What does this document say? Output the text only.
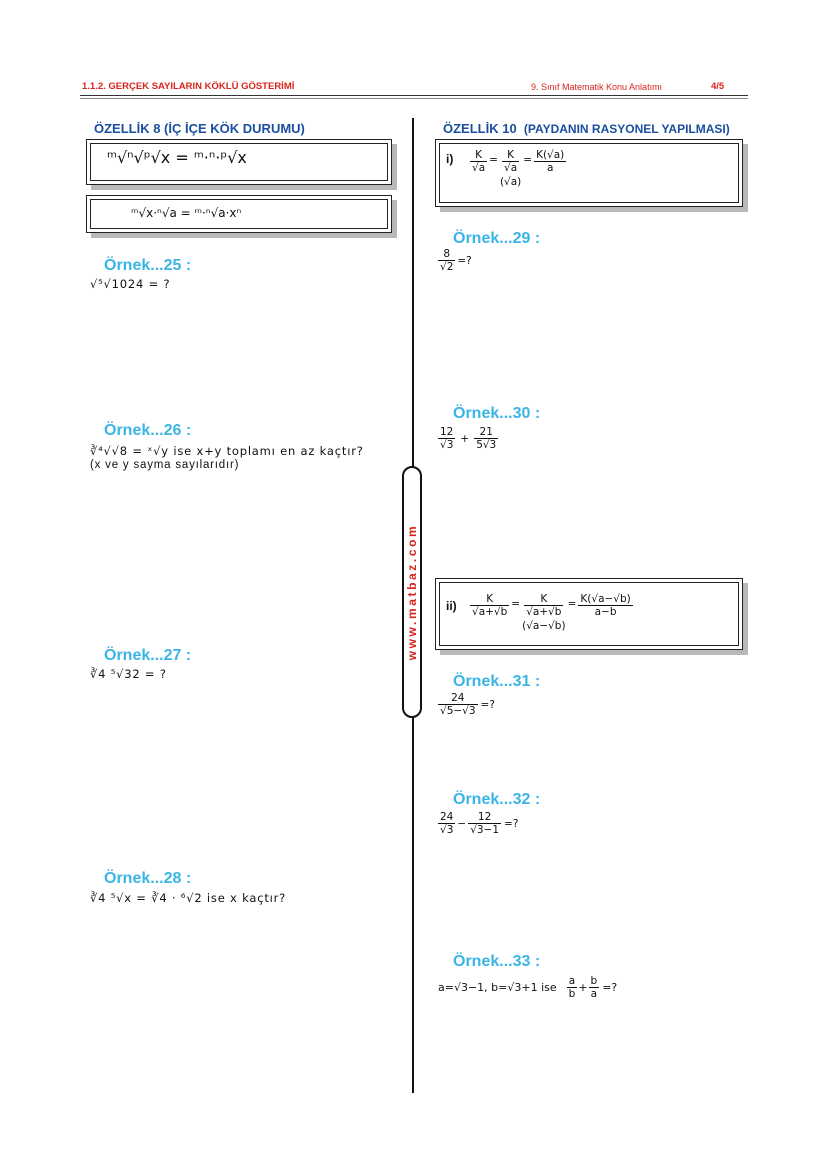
1.1.2. GERÇEK SAYILARIN KÖKLÜ GÖSTERİMİ	9. Sınıf Matematik Konu Anlatımı	4/5
www.matbaz.com
ÖZELLİK 8 (İÇ İÇE KÖK DURUMU)
ᵐ√ⁿ√ᵖ√x = ᵐ·ⁿ·ᵖ√x
ᵐ√x·ⁿ√a = ᵐ·ⁿ√a·xⁿ
Örnek...25 :
√⁵√1024 = ?
Örnek...26 :
∛⁴√√8 = ˣ√y ise x+y toplamı en az kaçtır?
(x ve y sayma sayılarıdır)
Örnek...27 :
∛4 ⁵√32 = ?
Örnek...28 :
∛4 ⁵√x = ∛4 · ⁶√2 ise x kaçtır?
ÖZELLİK 10 (PAYDANIN RASYONEL YAPILMASI)
$i) \frac{K}{√a} = \frac{K}{√a}$
(√a)
= $\frac{K(√a)}{a}$
Örnek...29 :
$\frac{8}{√2}$ =?
Örnek...30 :
$\frac{12}{√3} + \frac{21}{5√3}$
$ii) \frac{K}{√a+√b} = \frac{K}{√a+√b}$
(√a−√b)
= $\frac{K(√a-√b)}{a-b}$
Örnek...31 :
$\frac{24}{√5-√3}$ =?
Örnek...32 :
$\frac{24}{√3} - \frac{12}{√3-1}$ =?
Örnek...33 :
a=√3−1, b=√3+1 ise $\frac{a}{b} + \frac{b}{a}$ =?
